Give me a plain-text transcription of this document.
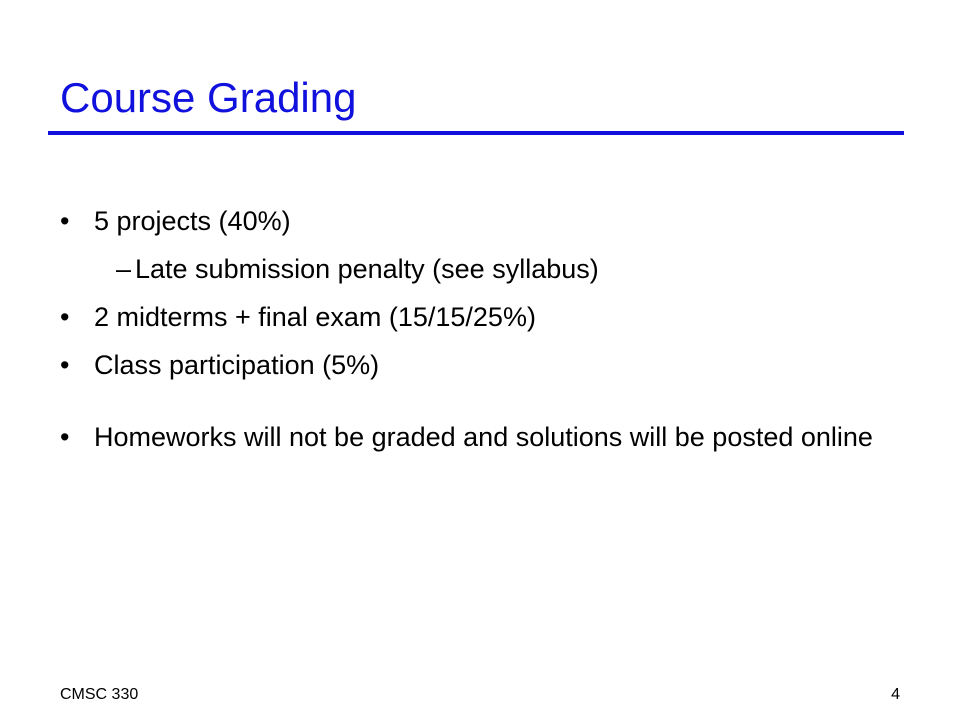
Course Grading
• 5 projects (40%)
– Late submission penalty (see syllabus)
• 2 midterms + final exam (15/15/25%)
• Class participation (5%)
• Homeworks will not be graded and solutions will be posted online
CMSC 330	4
